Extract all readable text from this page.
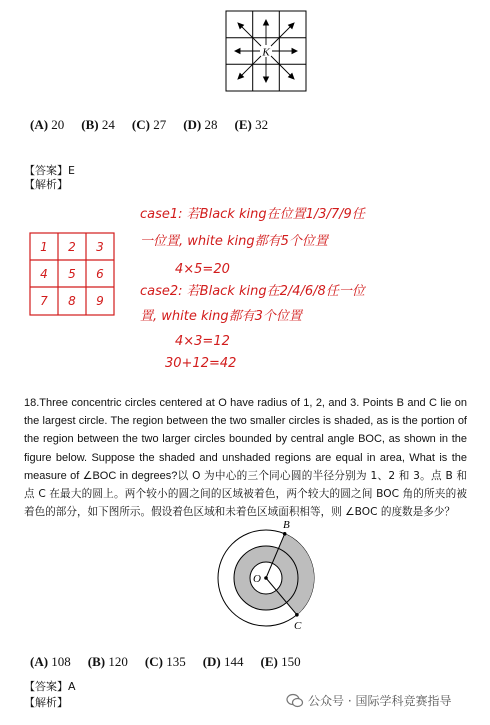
K
(A) 20 (B) 24 (C) 27 (D) 28 (E) 32
【答案】E
【解析】
1 2 3
4 5 6
7 8 9
case1: 若Black king在位置1/3/7/9任
一位置, white king都有5个位置
4×5=20
case2: 若Black king在2/4/6/8任一位
置, white king都有3个位置
4×3=12
30+12=42
18.Three concentric circles centered at O have radius of 1, 2, and 3. Points B and C lie on the largest circle. The region between the two smaller circles is shaded, as is the portion of the region between the two larger circles bounded by central angle BOC, as shown in the figure below. Suppose the shaded and unshaded regions are equal in area, What is the measure of ∠BOC in degrees?以 O 为中心的三个同心圆的半径分别为 1、2 和 3。点 B 和点 C 在最大的圆上。两个较小的圆之间的区域被着色，两个较大的圆之间 BOC 角的所夹的被着色的部分，如下图所示。假设着色区域和未着色区域面积相等，则 ∠BOC 的度数是多少？
B
O
C
(A) 108 (B) 120 (C) 135 (D) 144 (E) 150
【答案】A
【解析】	公众号 · 国际学科竞赛指导
